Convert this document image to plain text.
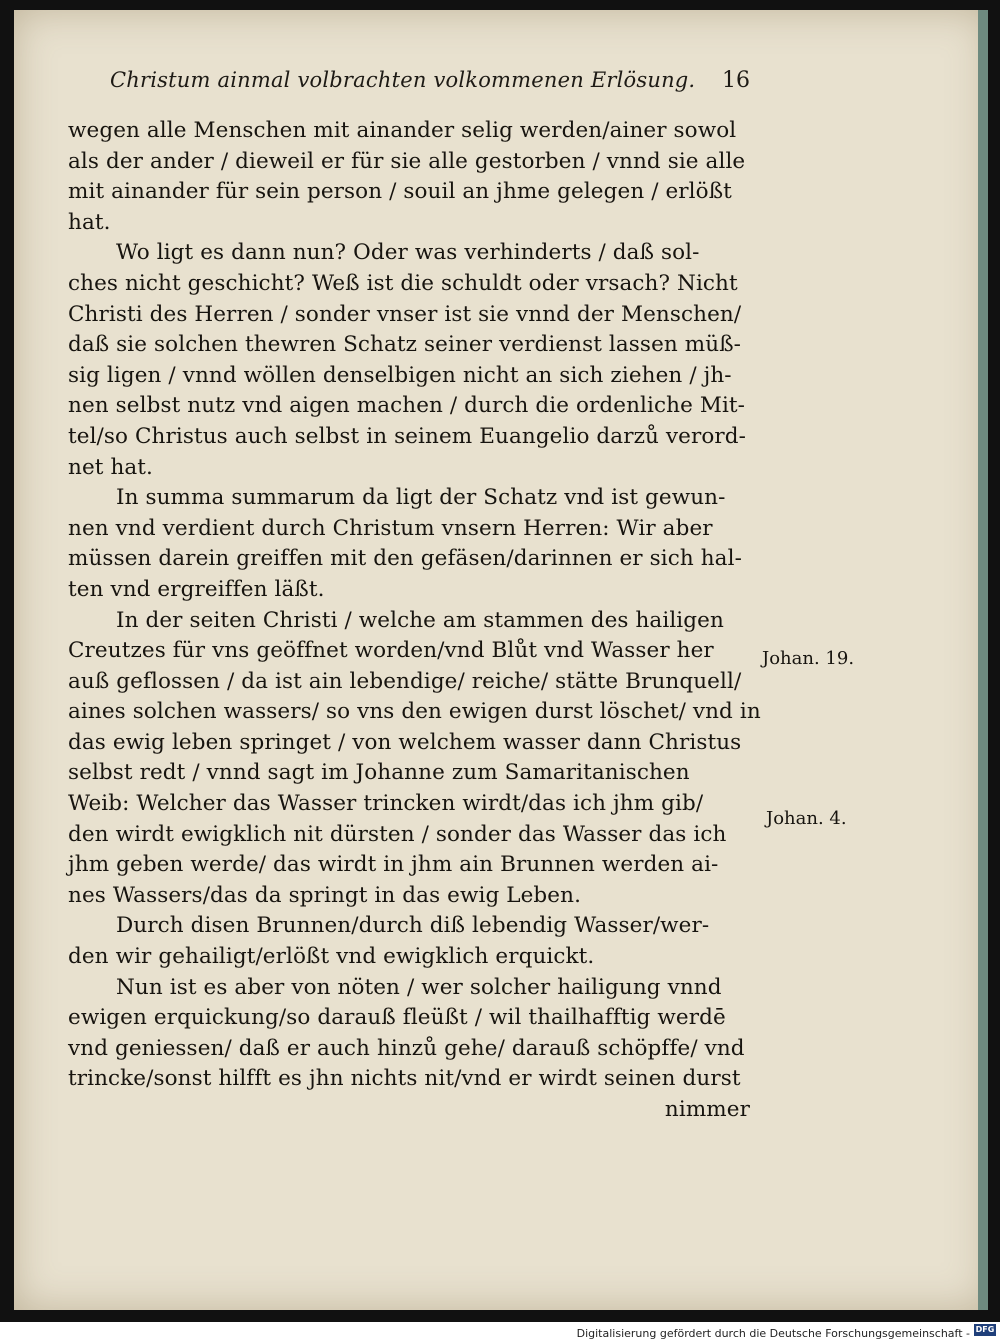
Christum ainmal volbrachten volkommenen Erlösung. 16
wegen alle Menschen mit ainander selig werden/ainer sowol
als der ander / dieweil er für sie alle gestorben / vnnd sie alle
mit ainander für sein person / souil an jhme gelegen / erlößt
hat.
Wo ligt es dann nun? Oder was verhinderts / daß sol-
ches nicht geschicht? Weß ist die schuldt oder vrsach? Nicht
Christi des Herren / sonder vnser ist sie vnnd der Menschen/
daß sie solchen thewren Schatz seiner verdienst lassen müß-
sig ligen / vnnd wöllen denselbigen nicht an sich ziehen / jh-
nen selbst nutz vnd aigen machen / durch die ordenliche Mit-
tel/so Christus auch selbst in seinem Euangelio darzů verord-
net hat.
In summa summarum da ligt der Schatz vnd ist gewun-
nen vnd verdient durch Christum vnsern Herren: Wir aber
müssen darein greiffen mit den gefäsen/darinnen er sich hal-
ten vnd ergreiffen läßt.
In der seiten Christi / welche am stammen des hailigen
Creutzes für vns geöffnet worden/vnd Blůt vnd Wasser her
auß geflossen / da ist ain lebendige/ reiche/ stätte Brunquell/
aines solchen wassers/ so vns den ewigen durst löschet/ vnd in
das ewig leben springet / von welchem wasser dann Christus
selbst redt / vnnd sagt im Johanne zum Samaritanischen
Weib: Welcher das Wasser trincken wirdt/das ich jhm gib/
den wirdt ewigklich nit dürsten / sonder das Wasser das ich
jhm geben werde/ das wirdt in jhm ain Brunnen werden ai-
nes Wassers/das da springt in das ewig Leben.
Durch disen Brunnen/durch diß lebendig Wasser/wer-
den wir gehailigt/erlößt vnd ewigklich erquickt.
Nun ist es aber von nöten / wer solcher hailigung vnnd
ewigen erquickung/so darauß fleüßt / wil thailhafftig werdē
vnd geniessen/ daß er auch hinzů gehe/ darauß schöpffe/ vnd
trincke/sonst hilfft es jhn nichts nit/vnd er wirdt seinen durst
nimmer
Johan. 19.
Johan. 4.
Digitalisierung gefördert durch die Deutsche Forschungsgemeinschaft - DFG
